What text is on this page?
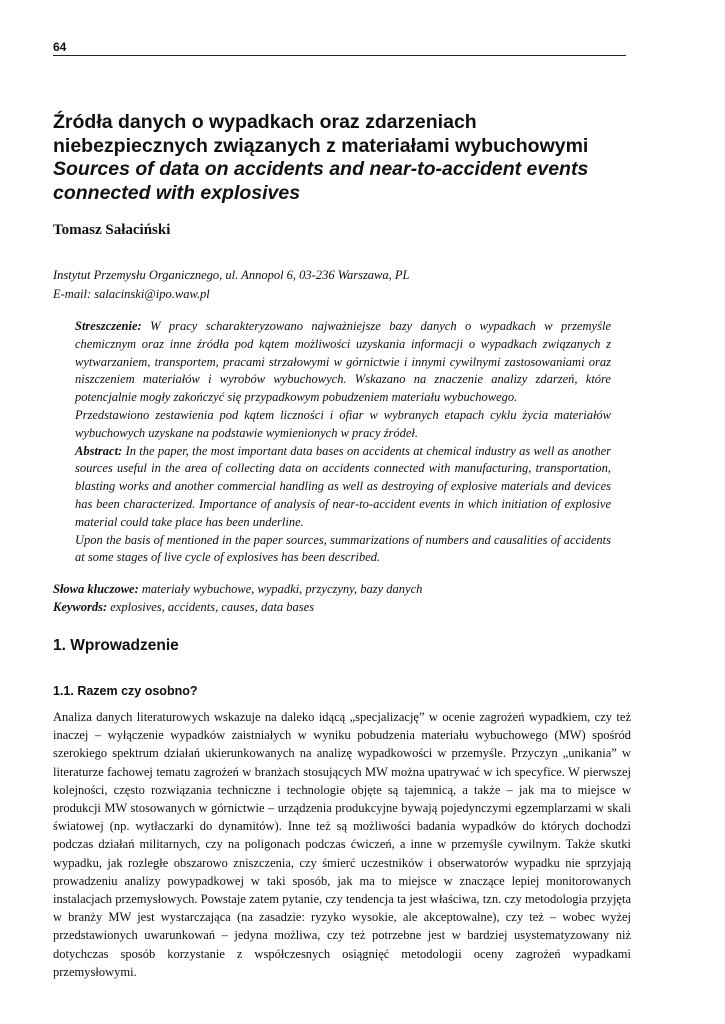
64
Źródła danych o wypadkach oraz zdarzeniach
niebezpiecznych związanych z materiałami wybuchowymi
Sources of data on accidents and near-to-accident events
connected with explosives
Tomasz Sałaciński
Instytut Przemysłu Organicznego, ul. Annopol 6, 03-236 Warszawa, PL
E-mail: salacinski@ipo.waw.pl

Streszczenie: W pracy scharakteryzowano najważniejsze bazy danych o wypadkach w przemyśle chemicznym oraz inne źródła pod kątem możliwości uzyskania informacji o wypadkach związanych z wytwarzaniem, transportem, pracami strzałowymi w górnictwie i innymi cywilnymi zastosowaniami oraz niszczeniem materiałów i wyrobów wybuchowych. Wskazano na znaczenie analizy zdarzeń, które potencjalnie mogły zakończyć się przypadkowym pobudzeniem materiału wybuchowego.

Przedstawiono zestawienia pod kątem liczności i ofiar w wybranych etapach cyklu życia materiałów wybuchowych uzyskane na podstawie wymienionych w pracy źródeł.

Abstract: In the paper, the most important data bases on accidents at chemical industry as well as another sources useful in the area of collecting data on accidents connected with manufacturing, transportation, blasting works and another commercial handling as well as destroying of explosive materials and devices has been characterized. Importance of analysis of near-to-accident events in which initiation of explosive material could take place has been underline.

Upon the basis of mentioned in the paper sources, summarizations of numbers and causalities of accidents at some stages of live cycle of explosives has been described.

Słowa kluczowe: materiały wybuchowe, wypadki, przyczyny, bazy danych
Keywords: explosives, accidents, causes, data bases
1. Wprowadzenie
1.1. Razem czy osobno?

Analiza danych literaturowych wskazuje na daleko idącą „specjalizację” w ocenie zagrożeń wypadkiem, czy też inaczej – wyłączenie wypadków zaistniałych w wyniku pobudzenia materiału wybuchowego (MW) spośród szerokiego spektrum działań ukierunkowanych na analizę wypadkowości w przemyśle. Przyczyn „unikania” w literaturze fachowej tematu zagrożeń w branżach stosujących MW można upatrywać w ich specyfice. W pierwszej kolejności, często rozwiązania techniczne i technologie objęte są tajemnicą, a także – jak ma to miejsce w produkcji MW stosowanych w górnictwie – urządzenia produkcyjne bywają pojedynczymi egzemplarzami w skali światowej (np. wytłaczarki do dynamitów). Inne też są możliwości badania wypadków do których dochodzi podczas działań militarnych, czy na poligonach podczas ćwiczeń, a inne w przemyśle cywilnym. Także skutki wypadku, jak rozległe obszarowo zniszczenia, czy śmierć uczestników i obserwatorów wypadku nie sprzyjają prowadzeniu analizy powypadkowej w taki sposób, jak ma to miejsce w znaczące lepiej monitorowanych instalacjach przemysłowych. Powstaje zatem pytanie, czy tendencja ta jest właściwa, tzn. czy metodologia przyjęta w branży MW jest wystarczająca (na zasadzie: ryzyko wysokie, ale akceptowalne), czy też – wobec wyżej przedstawionych uwarunkowań – jedyna możliwa, czy też potrzebne jest w bardziej usystematyzowany niż dotychczas sposób korzystanie z współczesnych osiągnięć metodologii oceny zagrożeń wypadkami przemysłowymi.
